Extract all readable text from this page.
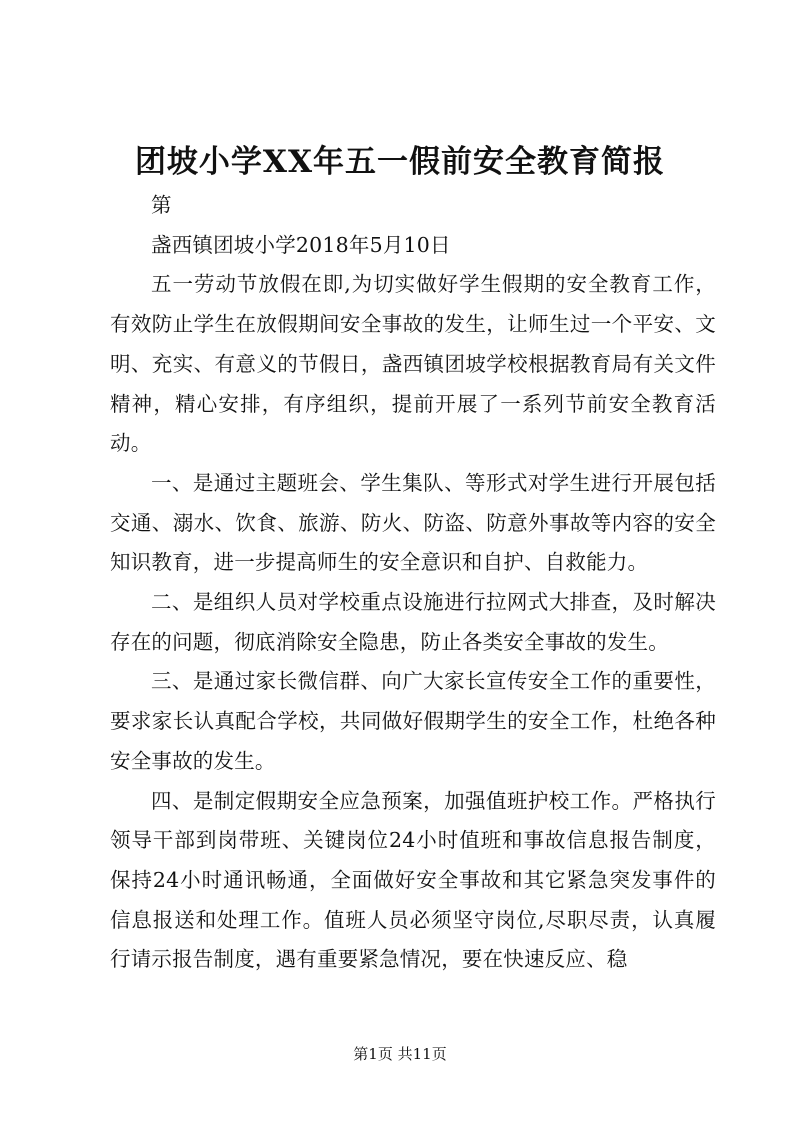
团坡小学XX年五一假前安全教育简报

第

盏西镇团坡小学2018年5月10日

五一劳动节放假在即,为切实做好学生假期的安全教育工作，有效防止学生在放假期间安全事故的发生，让师生过一个平安、文明、充实、有意义的节假日，盏西镇团坡学校根据教育局有关文件精神，精心安排，有序组织，提前开展了一系列节前安全教育活动。

一、是通过主题班会、学生集队、等形式对学生进行开展包括交通、溺水、饮食、旅游、防火、防盗、防意外事故等内容的安全知识教育，进一步提高师生的安全意识和自护、自救能力。

二、是组织人员对学校重点设施进行拉网式大排查，及时解决存在的问题，彻底消除安全隐患，防止各类安全事故的发生。

三、是通过家长微信群、向广大家长宣传安全工作的重要性，要求家长认真配合学校，共同做好假期学生的安全工作，杜绝各种安全事故的发生。

四、是制定假期安全应急预案，加强值班护校工作。严格执行领导干部到岗带班、关键岗位24小时值班和事故信息报告制度，保持24小时通讯畅通，全面做好安全事故和其它紧急突发事件的信息报送和处理工作。值班人员必须坚守岗位,尽职尽责，认真履行请示报告制度，遇有重要紧急情况，要在快速反应、稳

第1页 共11页
